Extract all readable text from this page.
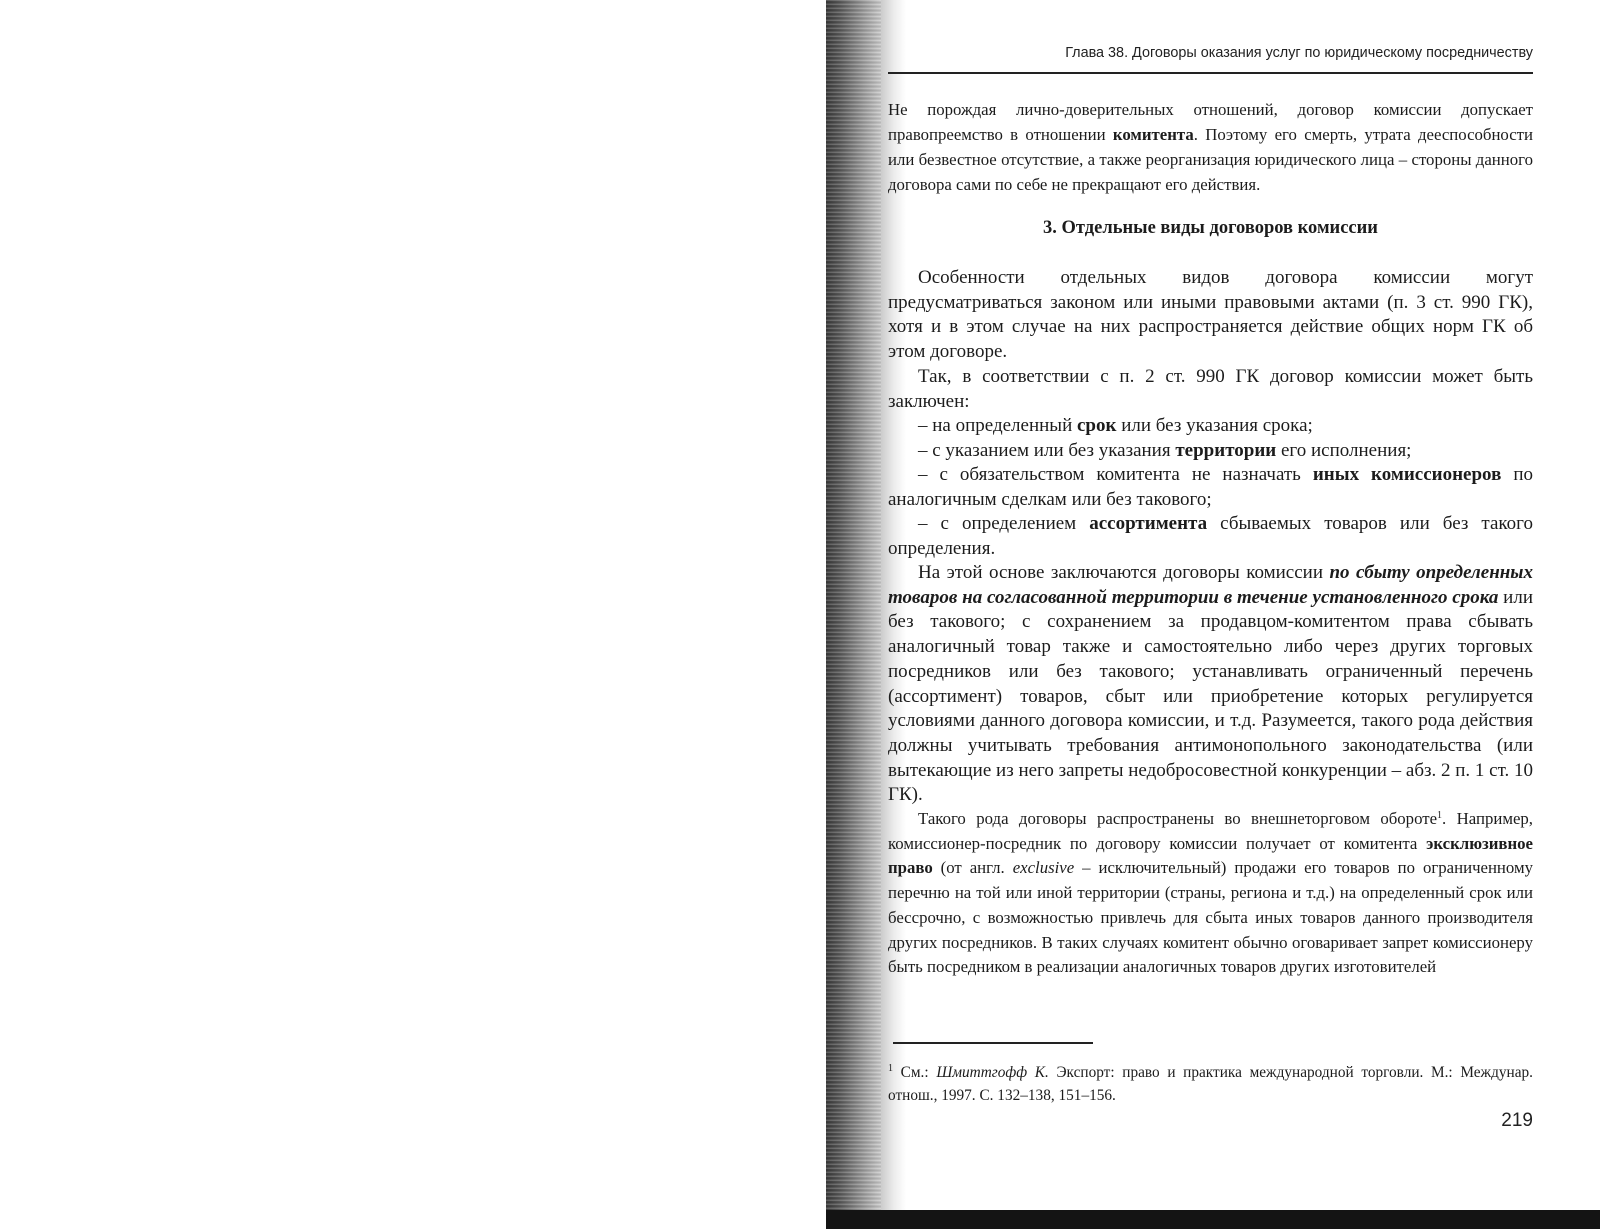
Глава 38. Договоры оказания услуг по юридическому посредничеству

Не порождая лично-доверительных отношений, договор комиссии допускает правопреемство в отношении комитента. Поэтому его смерть, утрата дееспособности или безвестное отсутствие, а также реорганизация юридического лица – стороны данного договора сами по себе не прекращают его действия.

3. Отдельные виды договоров комиссии

Особенности отдельных видов договора комиссии могут предусматриваться законом или иными правовыми актами (п. 3 ст. 990 ГК), хотя и в этом случае на них распространяется действие общих норм ГК об этом договоре.

Так, в соответствии с п. 2 ст. 990 ГК договор комиссии может быть заключен:

– на определенный срок или без указания срока;

– с указанием или без указания территории его исполнения;

– с обязательством комитента не назначать иных комиссионеров по аналогичным сделкам или без такового;

– с определением ассортимента сбываемых товаров или без такого определения.

На этой основе заключаются договоры комиссии по сбыту определенных товаров на согласованной территории в течение установленного срока или без такового; с сохранением за продавцом-комитентом права сбывать аналогичный товар также и самостоятельно либо через других торговых посредников или без такового; устанавливать ограниченный перечень (ассортимент) товаров, сбыт или приобретение которых регулируется условиями данного договора комиссии, и т.д. Разумеется, такого рода действия должны учитывать требования антимонопольного законодательства (или вытекающие из него запреты недобросовестной конкуренции – абз. 2 п. 1 ст. 10 ГК).

Такого рода договоры распространены во внешнеторговом обороте$^1$. Например, комиссионер-посредник по договору комиссии получает от комитента эксклюзивное право (от англ. exclusive – исключительный) продажи его товаров по ограниченному перечню на той или иной территории (страны, региона и т.д.) на определенный срок или бессрочно, с возможностью привлечь для сбыта иных товаров данного производителя других посредников. В таких случаях комитент обычно оговаривает запрет комиссионеру быть посредником в реализации аналогичных товаров других изготовителей

$^1$ См.: Шмиттгофф К. Экспорт: право и практика международной торговли. М.: Междунар. отнош., 1997. С. 132–138, 151–156.

219
